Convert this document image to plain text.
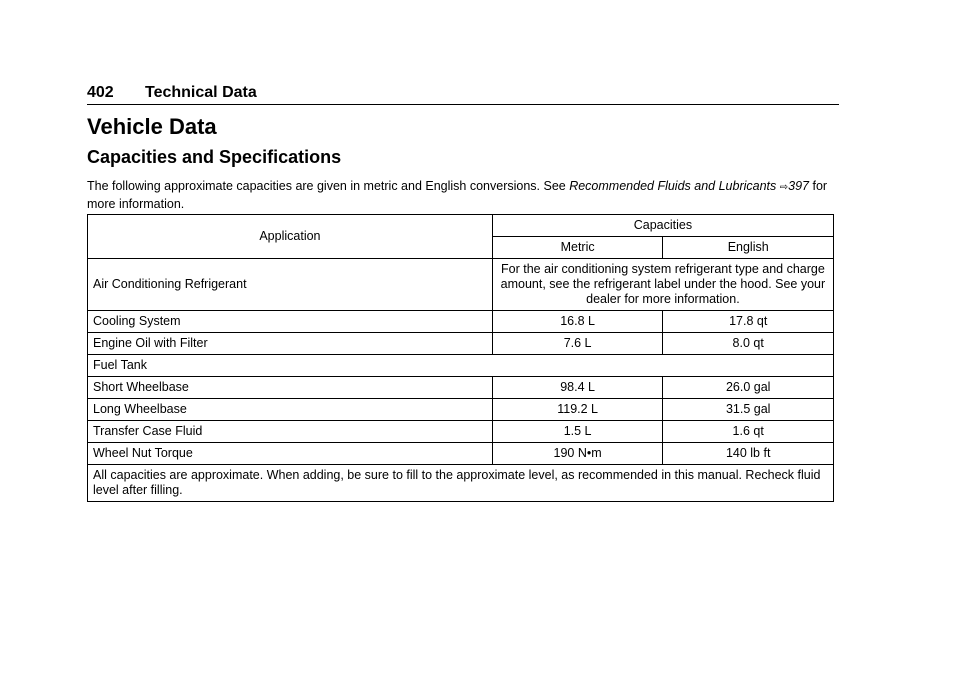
402 Technical Data
Vehicle Data
Capacities and Specifications
The following approximate capacities are given in metric and English conversions. See Recommended Fluids and Lubricants ⇨397 for more information.
Application	Capacities	
	Metric	English
Air Conditioning Refrigerant	For the air conditioning system refrigerant type and charge amount, see the refrigerant label under the hood. See your dealer for more information.	
Cooling System	16.8 L	17.8 qt
Engine Oil with Filter	7.6 L	8.0 qt
Fuel Tank		
Short Wheelbase	98.4 L	26.0 gal
Long Wheelbase	119.2 L	31.5 gal
Transfer Case Fluid	1.5 L	1.6 qt
Wheel Nut Torque	190 N•m	140 lb ft
All capacities are approximate. When adding, be sure to fill to the approximate level, as recommended in this manual. Recheck fluid level after filling.		
